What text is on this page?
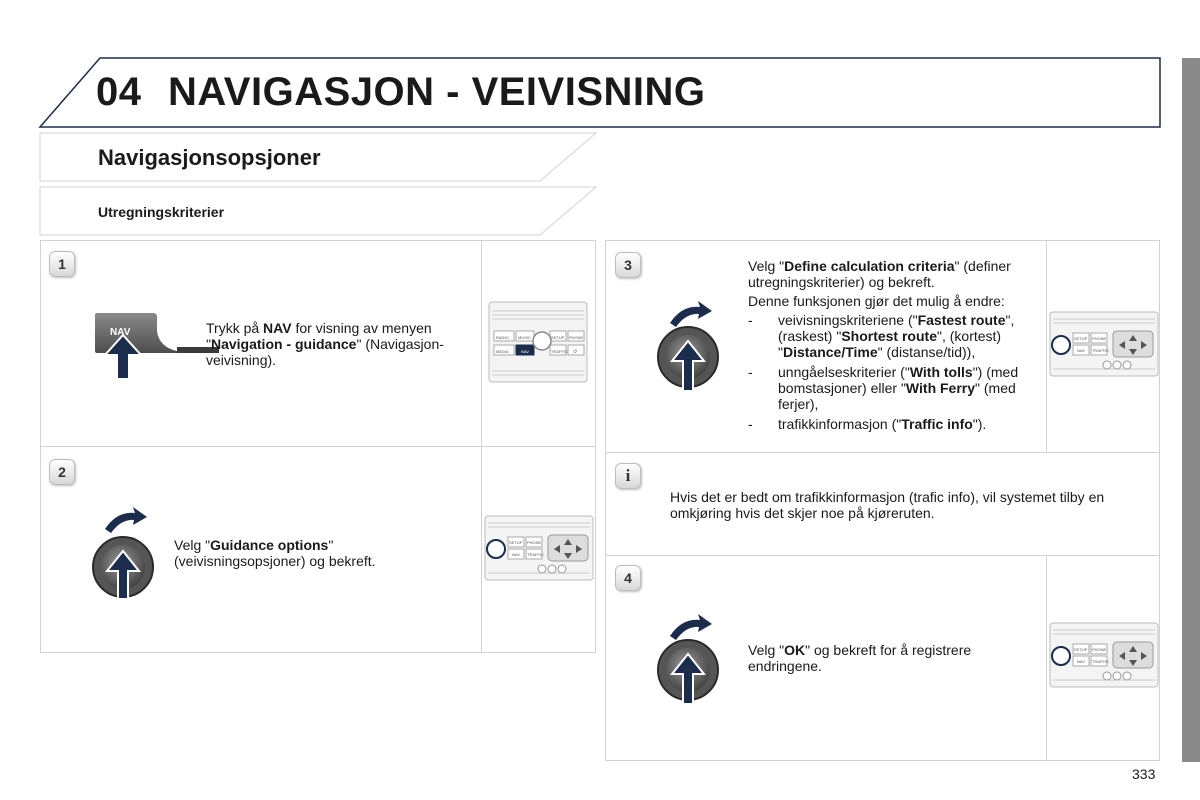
04 NAVIGASJON - VEIVISNING
Navigasjonsopsjoner
Utregningskriterier
1
NAV	Trykk på NAV for visning av menyen "Navigation - guidance" (Navigasjon-veivisning).
RADIO MUSIC	SETUP PHONE
MEDIA	NAV	TRAFFIC ↺
2
Velg "Guidance options" (veivisningsopsjoner) og bekreft.
SETUP PHONE
NAV TRAFFIC
3	Velg "Define calculation criteria" (definer utregningskriterier) og bekreft.

Denne funksjonen gjør det mulig å endre:

- veivisningskriteriene ("Fastest route", (raskest) "Shortest route", (kortest) "Distance/Time" (distanse/tid)),
- unngåelseskriterier ("With tolls") (med bomstasjoner) eller "With Ferry" (med ferjer),
- trafikkinformasjon ("Traffic info").
SETUP PHONE
NAV TRAFFIC
i
Hvis det er bedt om trafikkinformasjon (trafic info), vil systemet tilby en omkjøring hvis det skjer noe på kjøreruten.
4
Velg "OK" og bekreft for å registrere endringene.
SETUP PHONE
NAV TRAFFIC
333
